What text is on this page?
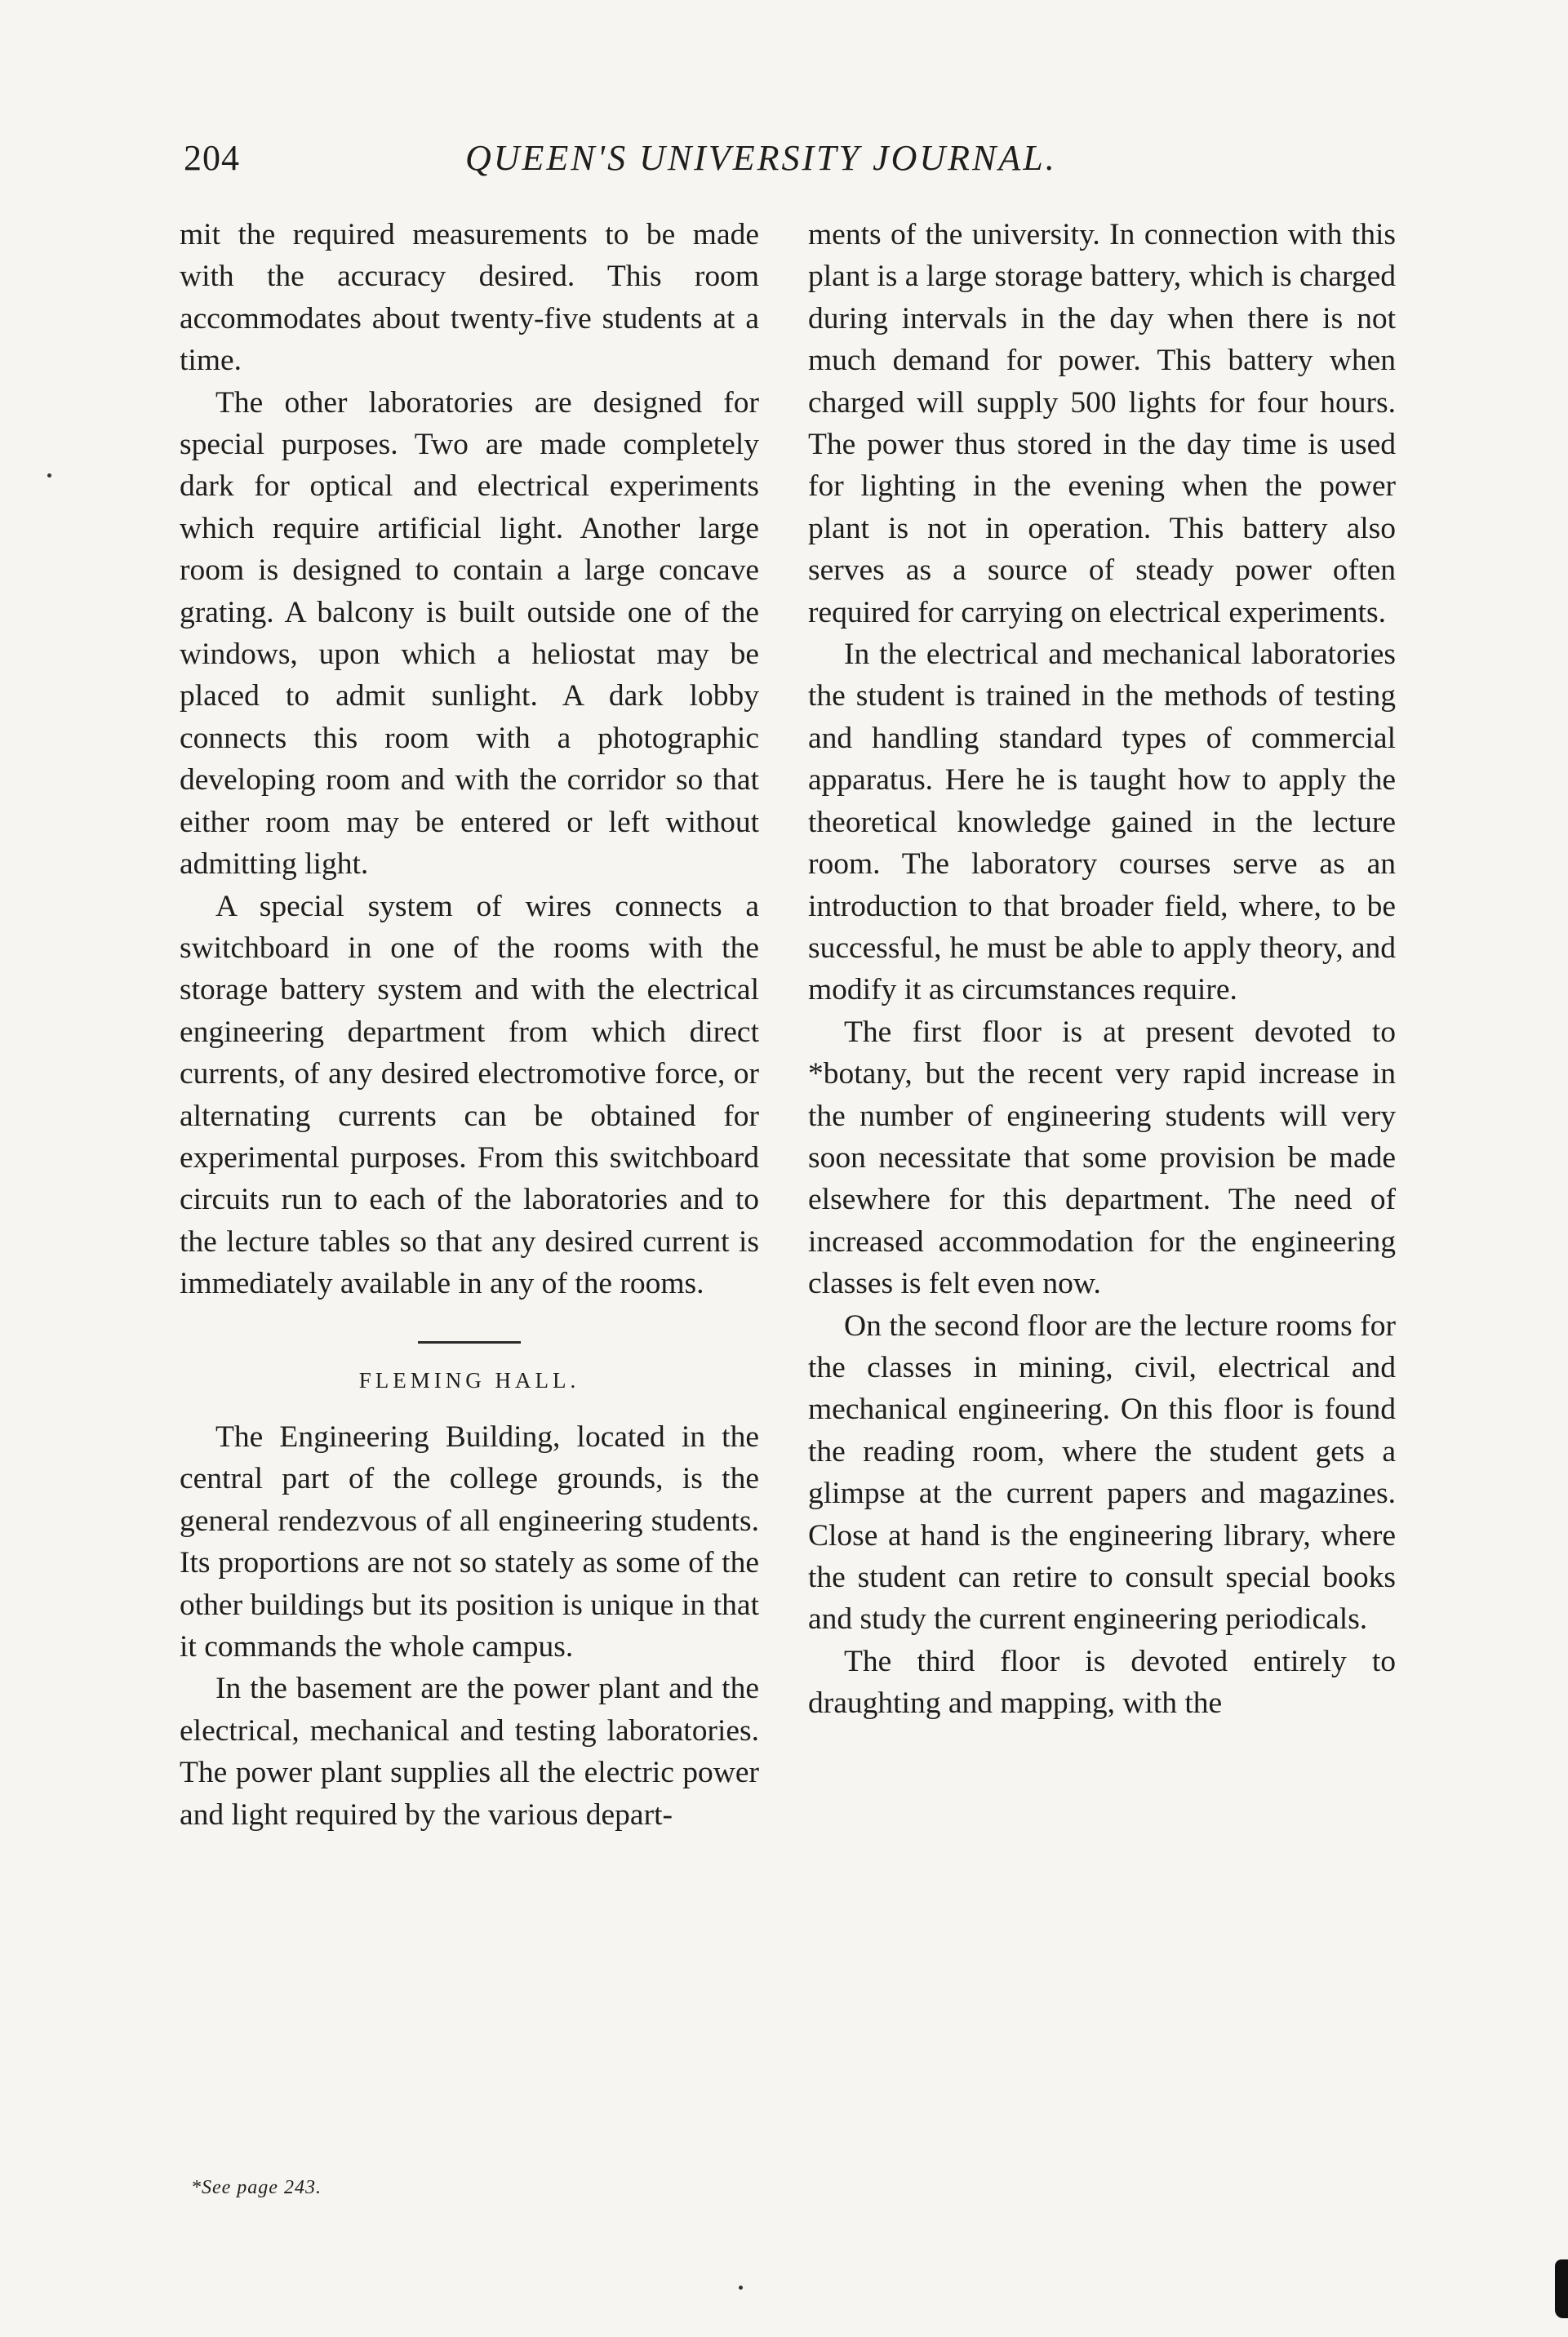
204	QUEEN'S UNIVERSITY JOURNAL.

mit the required measurements to be made with the accuracy desired. This room accommodates about twenty-five students at a time.

The other laboratories are designed for special purposes. Two are made completely dark for optical and electrical experiments which require artificial light. Another large room is designed to contain a large concave grating. A balcony is built outside one of the windows, upon which a heliostat may be placed to admit sunlight. A dark lobby connects this room with a photographic developing room and with the corridor so that either room may be entered or left without admitting light.

A special system of wires connects a switchboard in one of the rooms with the storage battery system and with the electrical engineering department from which direct currents, of any desired electromotive force, or alternating currents can be obtained for experimental purposes. From this switchboard circuits run to each of the laboratories and to the lecture tables so that any desired current is immediately available in any of the rooms.

FLEMING HALL.

The Engineering Building, located in the central part of the college grounds, is the general rendezvous of all engineering students. Its proportions are not so stately as some of the other buildings but its position is unique in that it commands the whole campus.

In the basement are the power plant and the electrical, mechanical and testing laboratories. The power plant supplies all the electric power and light required by the various depart-

ments of the university. In connection with this plant is a large storage battery, which is charged during intervals in the day when there is not much demand for power. This battery when charged will supply 500 lights for four hours. The power thus stored in the day time is used for lighting in the evening when the power plant is not in operation. This battery also serves as a source of steady power often required for carrying on electrical experiments.

In the electrical and mechanical laboratories the student is trained in the methods of testing and handling standard types of commercial apparatus. Here he is taught how to apply the theoretical knowledge gained in the lecture room. The laboratory courses serve as an introduction to that broader field, where, to be successful, he must be able to apply theory, and modify it as circumstances require.

The first floor is at present devoted to *botany, but the recent very rapid increase in the number of engineering students will very soon necessitate that some provision be made elsewhere for this department. The need of increased accommodation for the engineering classes is felt even now.

On the second floor are the lecture rooms for the classes in mining, civil, electrical and mechanical engineering. On this floor is found the reading room, where the student gets a glimpse at the current papers and magazines. Close at hand is the engineering library, where the student can retire to consult special books and study the current engineering periodicals.

The third floor is devoted entirely to draughting and mapping, with the

*See page 243.
